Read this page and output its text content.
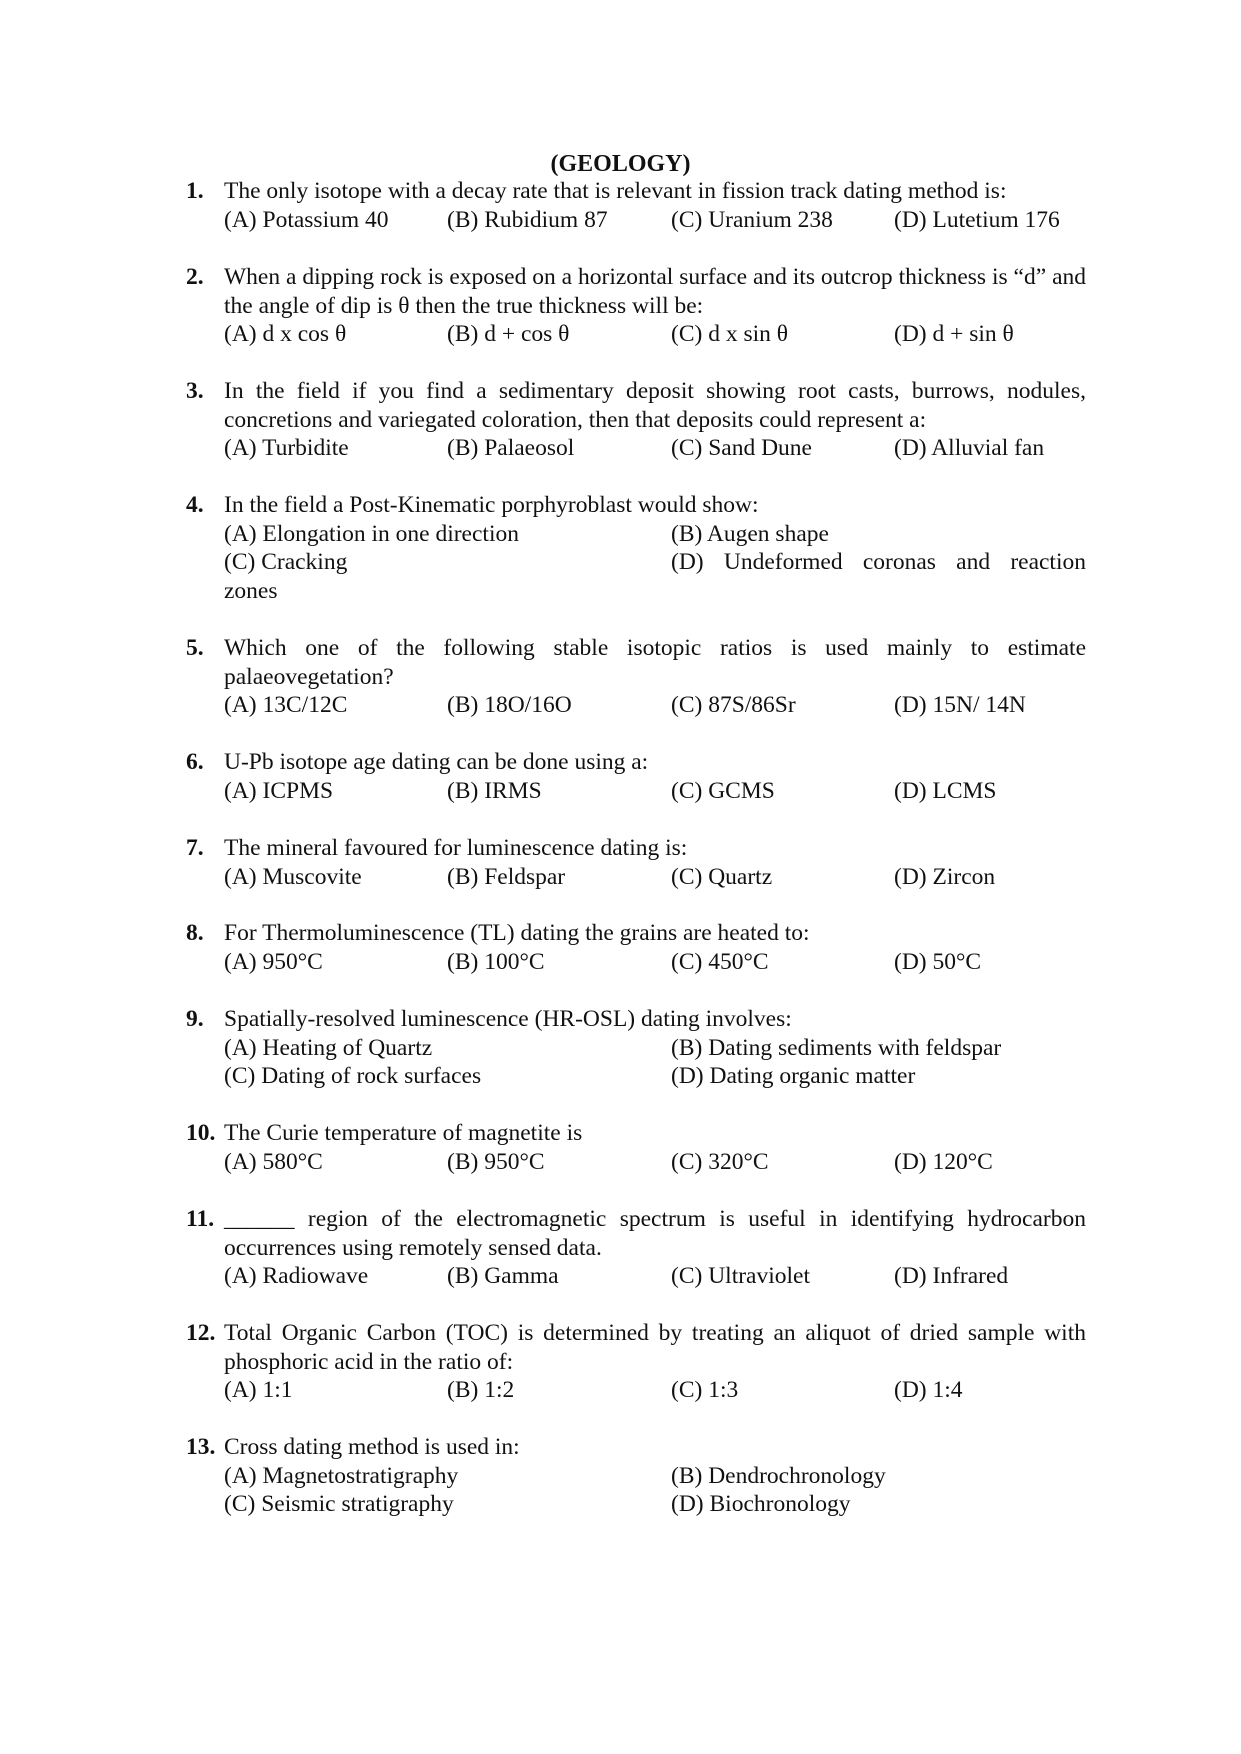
(GEOLOGY)
1. The only isotope with a decay rate that is relevant in fission track dating method is:
(A) Potassium 40 (B) Rubidium 87	(C) Uranium 238	(D) Lutetium 176
2. When a dipping rock is exposed on a horizontal surface and its outcrop thickness is “d” and the angle of dip is θ then the true thickness will be:
(A) d x cos θ	(B) d + cos θ	(C) d x sin θ	(D) d + sin θ
3. In the field if you find a sedimentary deposit showing root casts, burrows, nodules, concretions and variegated coloration, then that deposits could represent a:
(A) Turbidite	(B) Palaeosol	(C) Sand Dune	(D) Alluvial fan
4. In the field a Post-Kinematic porphyroblast would show:
(A) Elongation in one direction	(B) Augen shape
(C) Cracking	(D) Undeformed coronas and reaction
zones
5. Which one of the following stable isotopic ratios is used mainly to estimate palaeovegetation?
(A) 13C/12C	(B) 18O/16O	(C) 87S/86Sr	(D) 15N/ 14N
6. U-Pb isotope age dating can be done using a:
(A) ICPMS	(B) IRMS	(C) GCMS	(D) LCMS
7. The mineral favoured for luminescence dating is:
(A) Muscovite	(B) Feldspar	(C) Quartz	(D) Zircon
8. For Thermoluminescence (TL) dating the grains are heated to:
(A) 950°C	(B) 100°C	(C) 450°C	(D) 50°C
9. Spatially-resolved luminescence (HR-OSL) dating involves:
(A) Heating of Quartz	(B) Dating sediments with feldspar
(C) Dating of rock surfaces	(D) Dating organic matter
10. The Curie temperature of magnetite is
(A) 580°C	(B) 950°C	(C) 320°C	(D) 120°C
11. ______ region of the electromagnetic spectrum is useful in identifying hydrocarbon occurrences using remotely sensed data.
(A) Radiowave	(B) Gamma	(C) Ultraviolet	(D) Infrared
12. Total Organic Carbon (TOC) is determined by treating an aliquot of dried sample with phosphoric acid in the ratio of:
(A) 1:1	(B) 1:2	(C) 1:3	(D) 1:4
13. Cross dating method is used in:
(A) Magnetostratigraphy	(B) Dendrochronology
(C) Seismic stratigraphy	(D) Biochronology
